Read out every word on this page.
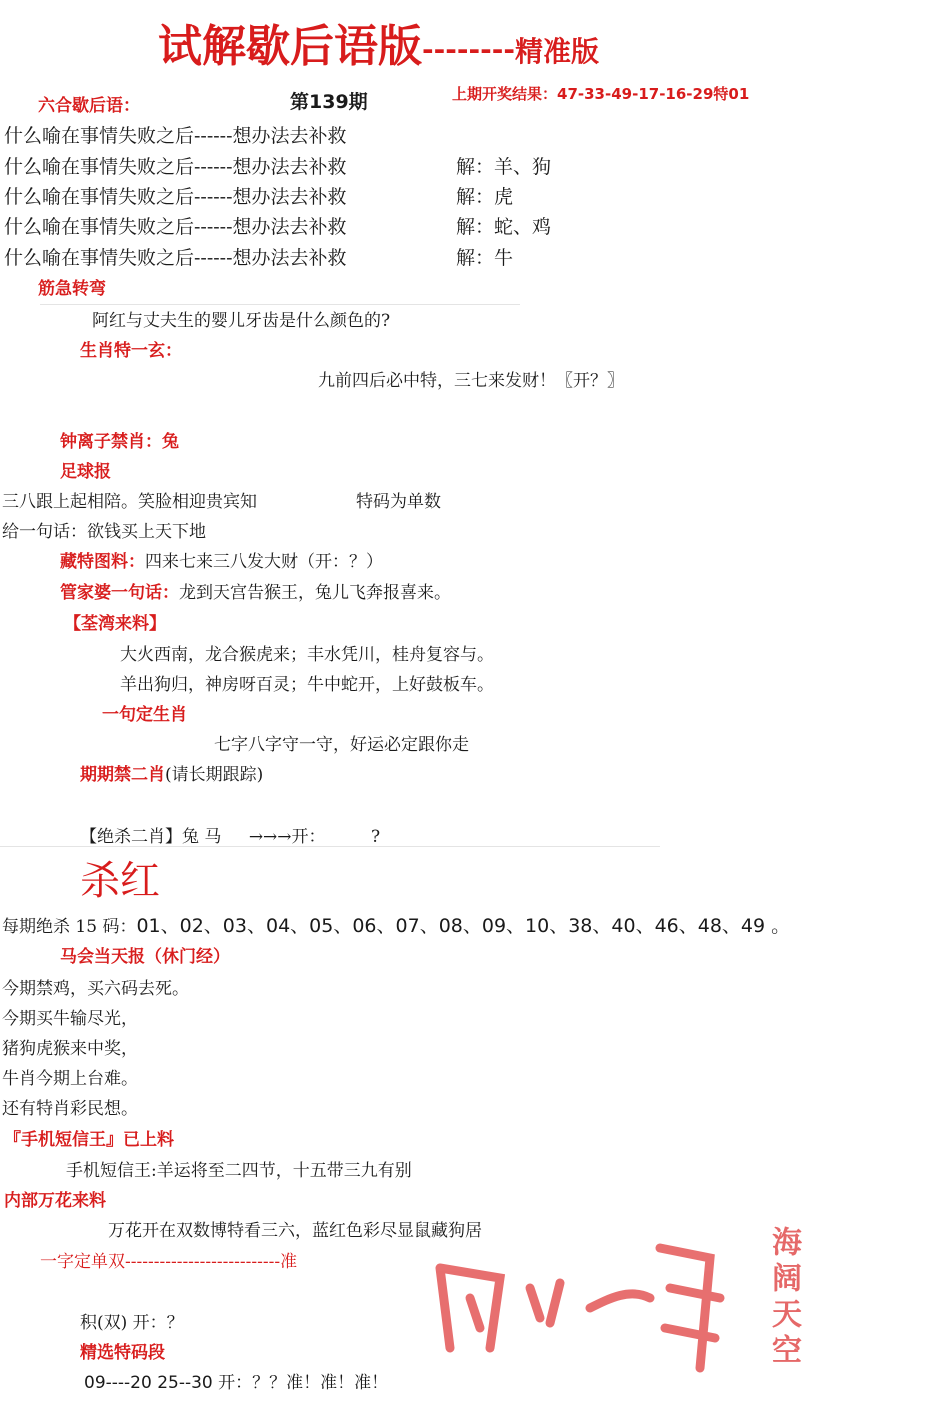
试解歇后语版--------精准版
第139期	上期开奖结果：47-33-49-17-16-29特01
六合歇后语：
什么喻在事情失败之后------想办法去补救
什么喻在事情失败之后------想办法去补救	解：羊、狗
什么喻在事情失败之后------想办法去补救	解：虎
什么喻在事情失败之后------想办法去补救	解：蛇、鸡
什么喻在事情失败之后------想办法去补救	解：牛
筋急转弯
阿红与丈夫生的婴儿牙齿是什么颜色的?
生肖特一玄：
九前四后必中特，三七来发财！〖开？〗
钟离子禁肖：兔
足球报
三八跟上起相陪。笑脸相迎贵宾知	特码为单数
给一句话：欲钱买上天下地
藏特图料：四来七来三八发大财（开：？）
管家婆一句话：龙到天宫告猴王，兔儿飞奔报喜来。
【荃湾来料】
大火西南，龙合猴虎来；丰水凭川，桂舟复容与。
羊出狗归，神房呀百灵；牛中蛇开，上好鼓板车。
一句定生肖
七字八字守一守，好运必定跟你走
期期禁二肖(请长期跟踪)
【绝杀二肖】兔 马 →→→开：	?
杀红
每期绝杀 15 码：01、02、03、04、05、06、07、08、09、10、38、40、46、48、49 。
马会当天报（休门经）
今期禁鸡，买六码去死。
今期买牛输尽光，
猪狗虎猴来中奖，
牛肖今期上台难。
还有特肖彩民想。
『手机短信王』已上料
手机短信王:羊运将至二四节，十五带三九有别
内部万花来料
万花开在双数博特看三六，蓝红色彩尽显鼠藏狗居
一字定单双---------------------------准
积(双) 开：？
精选特码段
09----20 25--30 开：？？准！准！准！
海阔天空
